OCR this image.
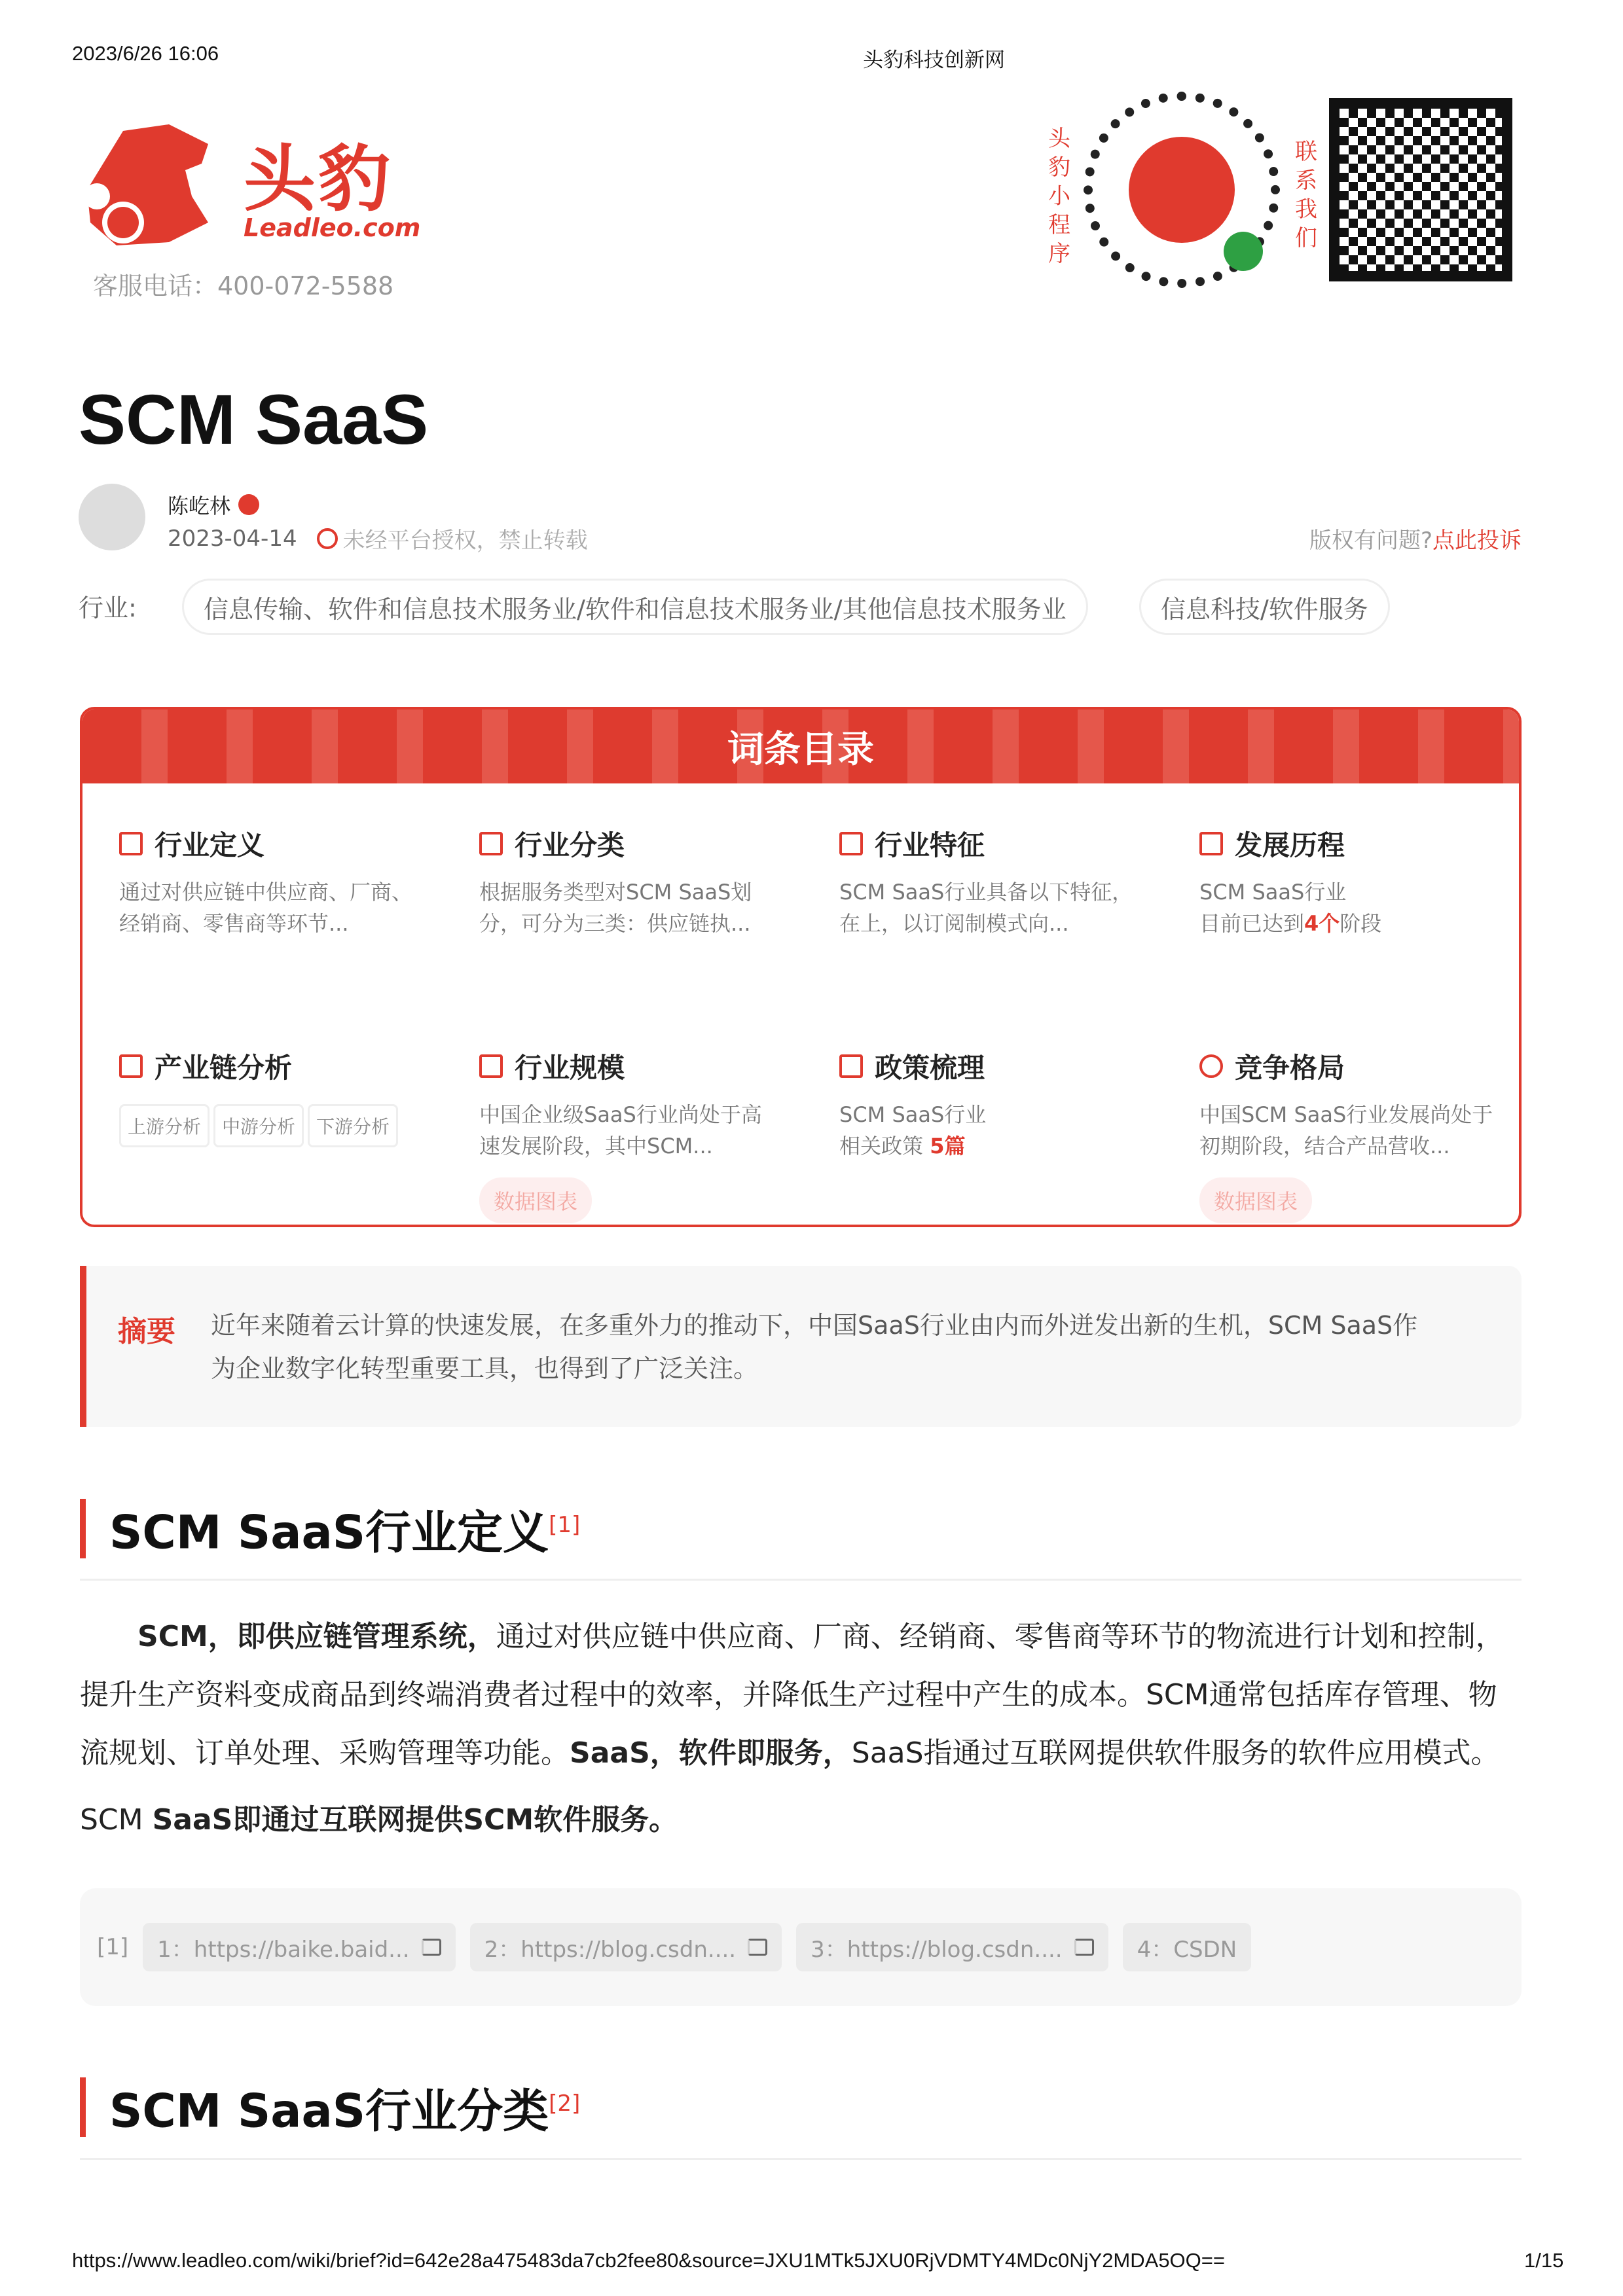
2023/6/26 16:06	头豹科技创新网
头豹
Leadleo.com
客服电话：400-072-5588
头豹小程序
联系我们
SCM SaaS
陈屹林
2023-04-14 未经平台授权，禁止转载	版权有问题?点此投诉
行业:	信息传输、软件和信息技术服务业/软件和信息技术服务业/其他信息技术服务业	信息科技/软件服务
词条目录
行业定义

通过对供应链中供应商、厂商、经销商、零售商等环节...

行业分类

根据服务类型对SCM SaaS划分，可分为三类：供应链执...

行业特征

SCM SaaS行业具备以下特征，在上，以订阅制模式向...

发展历程

SCM SaaS行业
目前已达到4个阶段

产业链分析
上游分析 中游分析 下游分析
行业规模

中国企业级SaaS行业尚处于高速发展阶段，其中SCM...

数据图表
政策梳理

SCM SaaS行业
相关政策 5篇

竞争格局

中国SCM SaaS行业发展尚处于初期阶段，结合产品营收...

数据图表
摘要 近年来随着云计算的快速发展，在多重外力的推动下，中国SaaS行业由内而外迸发出新的生机，SCM SaaS作为企业数字化转型重要工具，也得到了广泛关注。
SCM SaaS行业定义[1]
SCM，即供应链管理系统，通过对供应链中供应商、厂商、经销商、零售商等环节的物流进行计划和控制，提升生产资料变成商品到终端消费者过程中的效率，并降低生产过程中产生的成本。SCM通常包括库存管理、物流规划、订单处理、采购管理等功能。SaaS，软件即服务，SaaS指通过互联网提供软件服务的软件应用模式。
SCM SaaS即通过互联网提供SCM软件服务。
[1] 1：https://baike.baid...	2：https://blog.csdn....	3：https://blog.csdn....	4：CSDN
SCM SaaS行业分类[2]
https://www.leadleo.com/wiki/brief?id=642e28a475483da7cb2fee80&source=JXU1MTk5JXU0RjVDMTY4MDc0NjY2MDA5OQ==	1/15
